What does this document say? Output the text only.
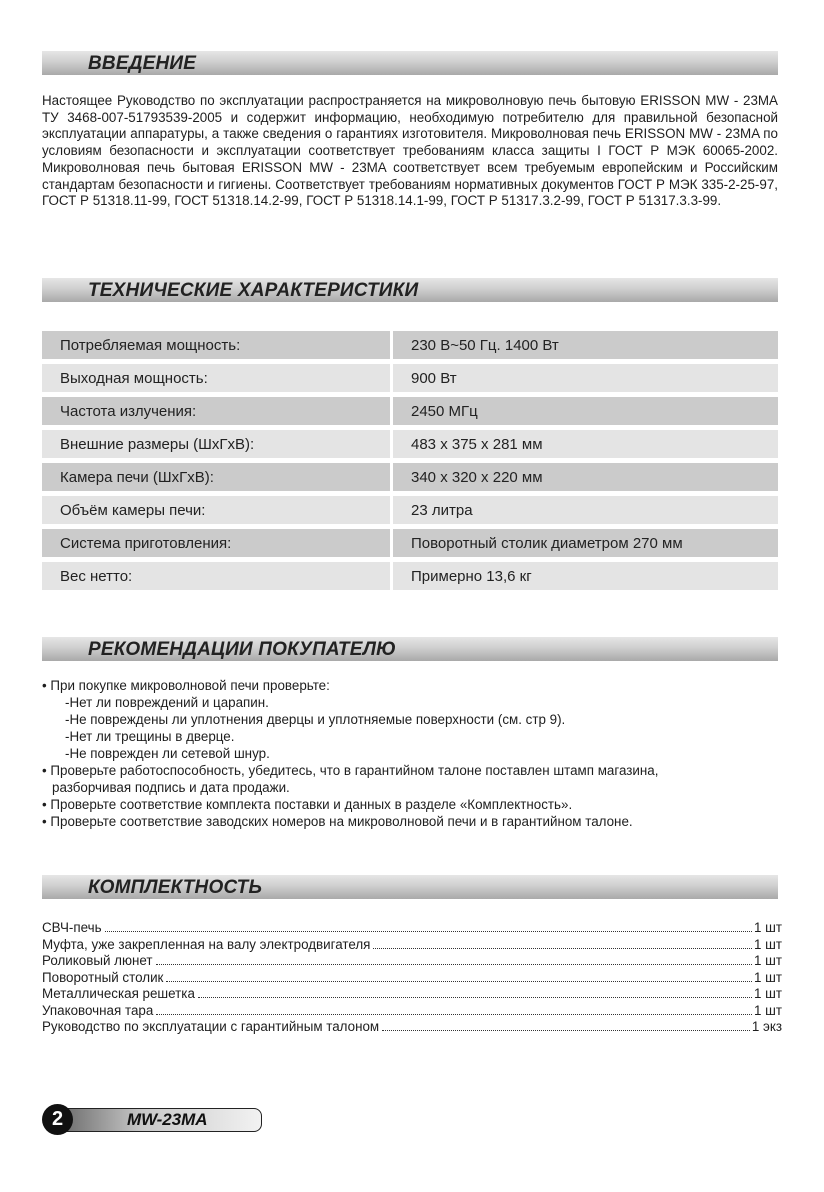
ВВЕДЕНИЕ
Настоящее Руководство по эксплуатации распространяется на микроволновую печь бытовую ERISSON MW - 23MA ТУ 3468-007-51793539-2005 и содержит информацию, необходимую потребителю для правильной безопасной эксплуатации аппаратуры, а также сведения о гарантиях изготовителя. Микроволновая печь ERISSON MW - 23MA по условиям безопасности и эксплуатации соответствует требованиям класса защиты I ГОСТ Р МЭК 60065-2002. Микроволновая печь бытовая ERISSON MW - 23MA соответствует всем требуемым европейским и Российским стандартам безопасности и гигиены. Соответствует требованиям нормативных документов ГОСТ Р МЭК 335-2-25-97, ГОСТ Р 51318.11-99, ГОСТ 51318.14.2-99, ГОСТ Р 51318.14.1-99, ГОСТ Р 51317.3.2-99, ГОСТ Р 51317.3.3-99.
ТЕХНИЧЕСКИЕ ХАРАКТЕРИСТИКИ
Потребляемая мощность:	230 В~50 Гц. 1400 Вт
Выходная мощность:	900 Вт
Частота излучения:	2450 МГц
Внешние размеры (ШхГхВ):	483 х 375 х 281 мм
Камера печи (ШхГхВ):	340 х 320 х 220 мм
Объём камеры печи:	23 литра
Система приготовления:	Поворотный столик диаметром 270 мм
Вес нетто:	Примерно 13,6 кг
РЕКОМЕНДАЦИИ ПОКУПАТЕЛЮ
• При покупке микроволновой печи проверьте:
-Нет ли повреждений и царапин.
-Не повреждены ли уплотнения дверцы и уплотняемые поверхности (см. стр 9).
-Нет ли трещины в дверце.
-Не поврежден ли сетевой шнур.
• Проверьте работоспособность, убедитесь, что в гарантийном талоне поставлен штамп магазина,
разборчивая подпись и дата продажи.
• Проверьте соответствие комплекта поставки и данных в разделе «Комплектность».
• Проверьте соответствие заводских номеров на микроволновой печи и в гарантийном талоне.
КОМПЛЕКТНОСТЬ
СВЧ-печь	1 шт
Муфта, уже закрепленная на валу электродвигателя	1 шт
Роликовый люнет	1 шт
Поворотный столик	1 шт
Металлическая решетка	1 шт
Упаковочная тара	1 шт
Руководство по эксплуатации с гарантийным талоном	1 экз
2	MW-23MA
